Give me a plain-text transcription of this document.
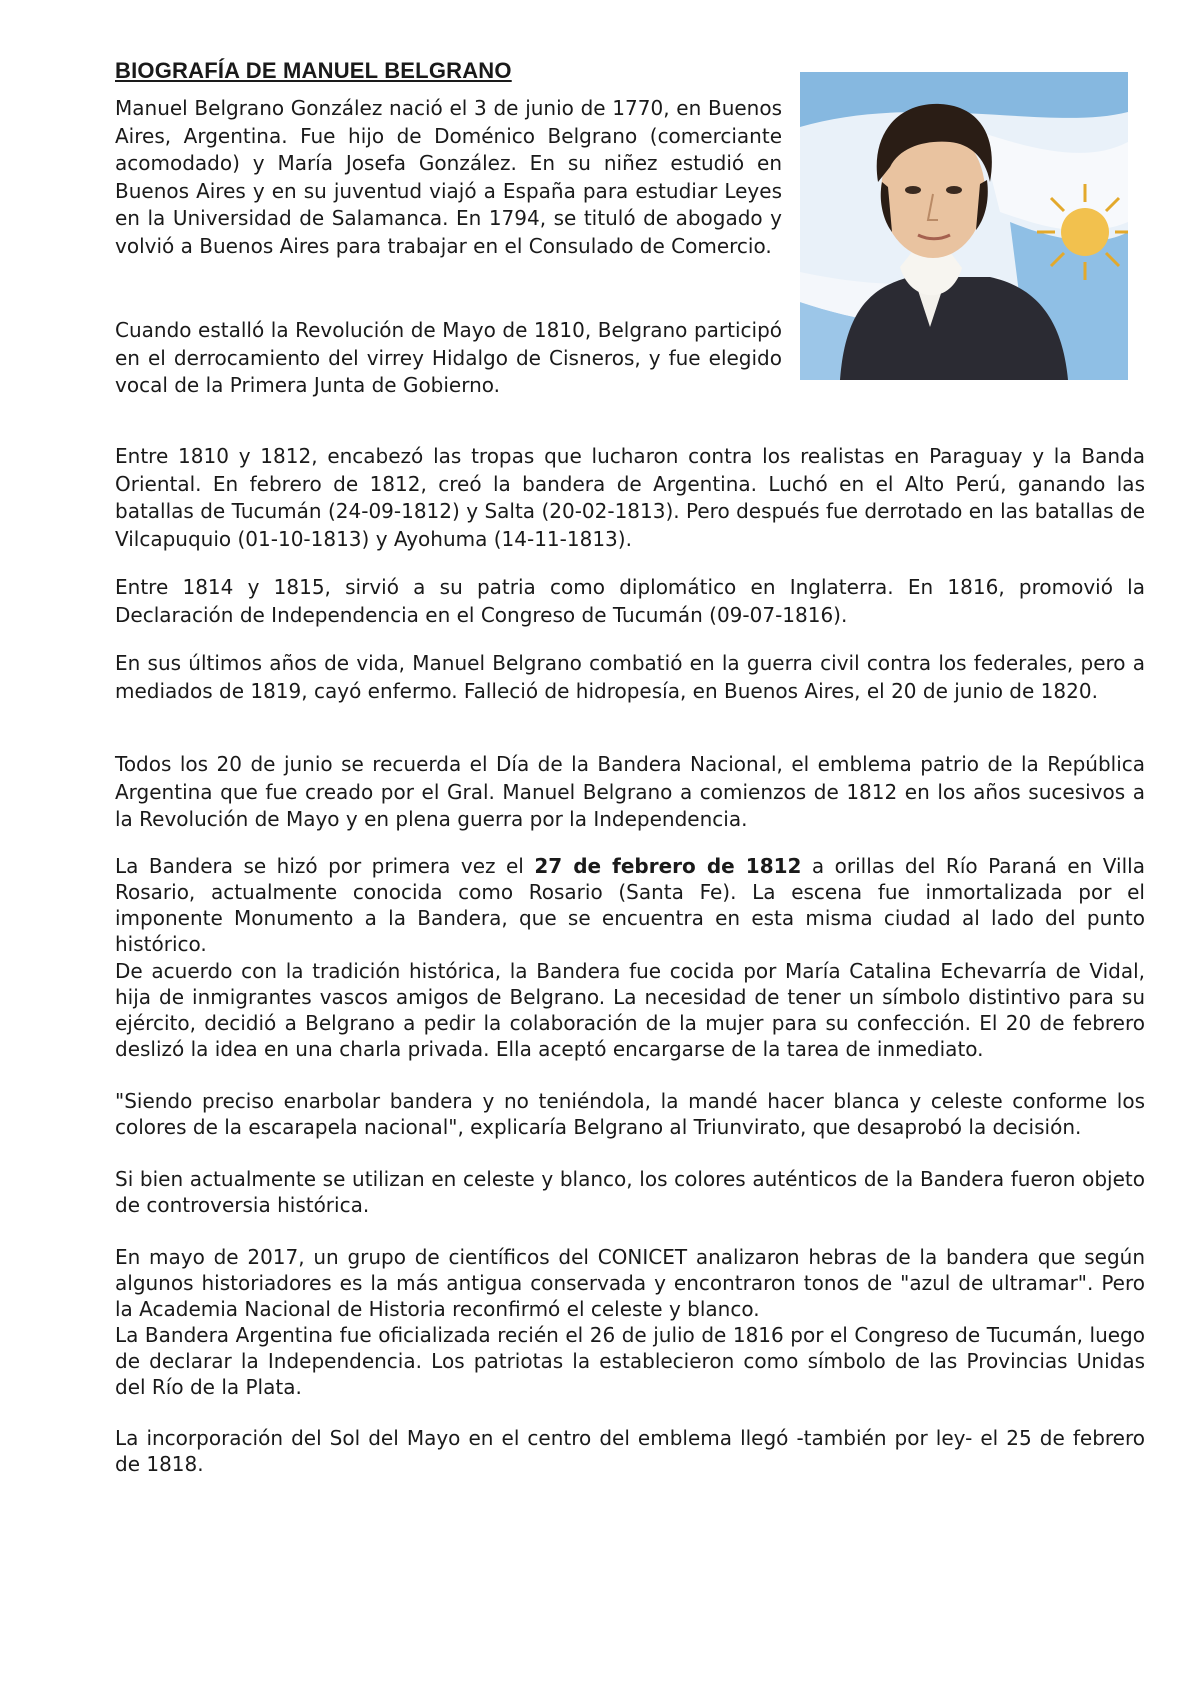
BIOGRAFÍA DE MANUEL BELGRANO

Manuel Belgrano González nació el 3 de junio de 1770, en Buenos Aires, Argentina. Fue hijo de Doménico Belgrano (comerciante acomodado) y María Josefa González. En su niñez estudió en Buenos Aires y en su juventud viajó a España para estudiar Leyes en la Universidad de Salamanca. En 1794, se tituló de abogado y volvió a Buenos Aires para trabajar en el Consulado de Comercio.

Cuando estalló la Revolución de Mayo de 1810, Belgrano participó en el derrocamiento del virrey Hidalgo de Cisneros, y fue elegido vocal de la Primera Junta de Gobierno.

Entre 1810 y 1812, encabezó las tropas que lucharon contra los realistas en Paraguay y la Banda Oriental. En febrero de 1812, creó la bandera de Argentina. Luchó en el Alto Perú, ganando las batallas de Tucumán (24-09-1812) y Salta (20-02-1813). Pero después fue derrotado en las batallas de Vilcapuquio (01-10-1813) y Ayohuma (14-11-1813).

Entre 1814 y 1815, sirvió a su patria como diplomático en Inglaterra. En 1816, promovió la Declaración de Independencia en el Congreso de Tucumán (09-07-1816).

En sus últimos años de vida, Manuel Belgrano combatió en la guerra civil contra los federales, pero a mediados de 1819, cayó enfermo. Falleció de hidropesía, en Buenos Aires, el 20 de junio de 1820.

Todos los 20 de junio se recuerda el Día de la Bandera Nacional, el emblema patrio de la República Argentina que fue creado por el Gral. Manuel Belgrano a comienzos de 1812 en los años sucesivos a la Revolución de Mayo y en plena guerra por la Independencia.

La Bandera se hizó por primera vez el 27 de febrero de 1812 a orillas del Río Paraná en Villa Rosario, actualmente conocida como Rosario (Santa Fe). La escena fue inmortalizada por el imponente Monumento a la Bandera, que se encuentra en esta misma ciudad al lado del punto histórico.

De acuerdo con la tradición histórica, la Bandera fue cocida por María Catalina Echevarría de Vidal, hija de inmigrantes vascos amigos de Belgrano. La necesidad de tener un símbolo distintivo para su ejército, decidió a Belgrano a pedir la colaboración de la mujer para su confección. El 20 de febrero deslizó la idea en una charla privada. Ella aceptó encargarse de la tarea de inmediato.

"Siendo preciso enarbolar bandera y no teniéndola, la mandé hacer blanca y celeste conforme los colores de la escarapela nacional", explicaría Belgrano al Triunvirato, que desaprobó la decisión.

Si bien actualmente se utilizan en celeste y blanco, los colores auténticos de la Bandera fueron objeto de controversia histórica.

En mayo de 2017, un grupo de científicos del CONICET analizaron hebras de la bandera que según algunos historiadores es la más antigua conservada y encontraron tonos de "azul de ultramar". Pero la Academia Nacional de Historia reconfirmó el celeste y blanco.

La Bandera Argentina fue oficializada recién el 26 de julio de 1816 por el Congreso de Tucumán, luego de declarar la Independencia. Los patriotas la establecieron como símbolo de las Provincias Unidas del Río de la Plata.

La incorporación del Sol del Mayo en el centro del emblema llegó -también por ley- el 25 de febrero de 1818.
